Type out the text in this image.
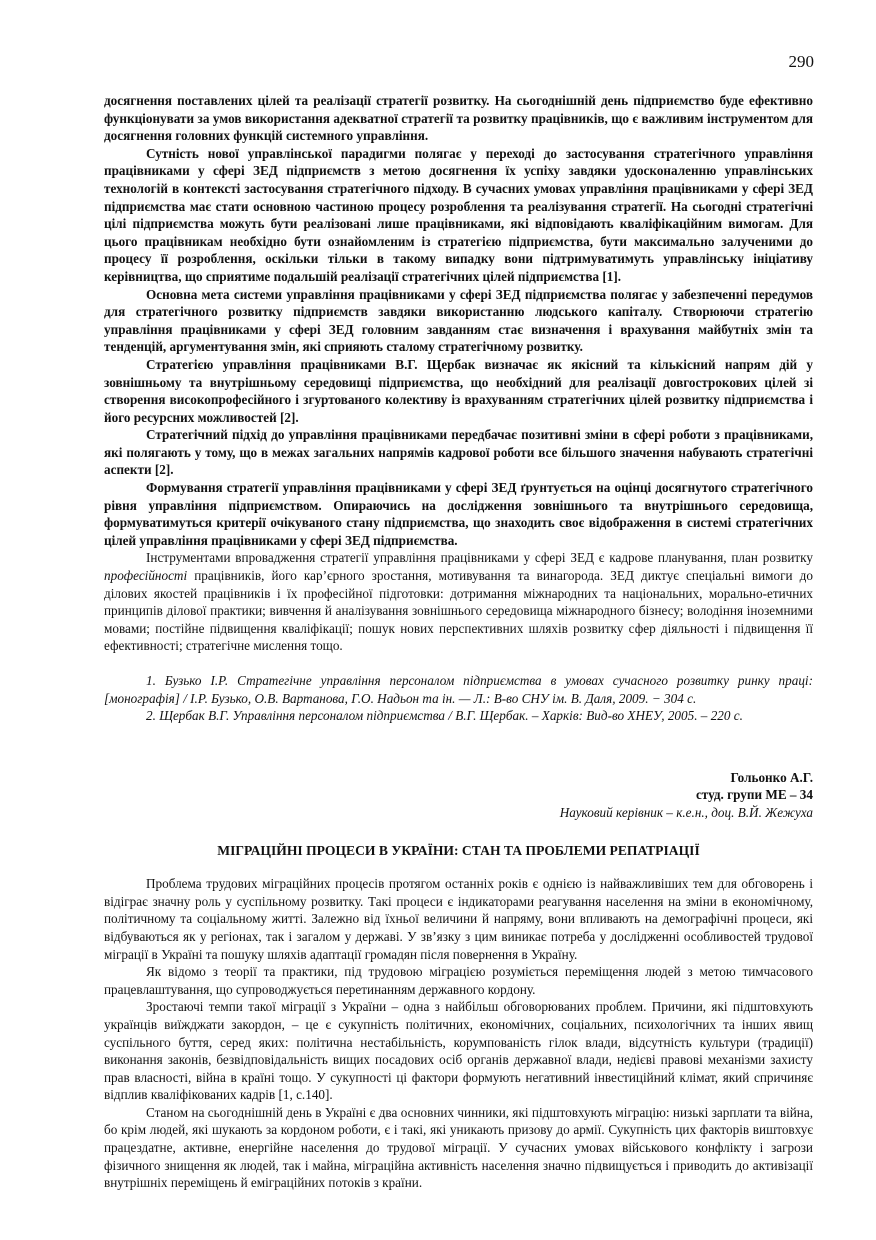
290

досягнення поставлених цілей та реалізації стратегії розвитку. На сьогоднішній день підприємство буде ефективно функціонувати за умов використання адекватної стратегії та розвитку працівників, що є важливим інструментом для досягнення головних функцій системного управління.

Сутність нової управлінської парадигми полягає у переході до застосування стратегічного управління працівниками у сфері ЗЕД підприємств з метою досягнення їх успіху завдяки удосконаленню управлінських технологій в контексті застосування стратегічного підходу. В сучасних умовах управління працівниками у сфері ЗЕД підприємства має стати основною частиною процесу розроблення та реалізування стратегії. На сьогодні стратегічні цілі підприємства можуть бути реалізовані лише працівниками, які відповідають кваліфікаційним вимогам. Для цього працівникам необхідно бути ознайомленим із стратегією підприємства, бути максимально залученими до процесу її розроблення, оскільки тільки в такому випадку вони підтримуватимуть управлінську ініціативу керівництва, що сприятиме подальшій реалізації стратегічних цілей підприємства [1].

Основна мета системи управління працівниками у сфері ЗЕД підприємства полягає у забезпеченні передумов для стратегічного розвитку підприємств завдяки використанню людського капіталу. Створюючи стратегію управління працівниками у сфері ЗЕД головним завданням стає визначення і врахування майбутніх змін та тенденцій, аргументування змін, які сприяють сталому стратегічному розвитку.

Стратегією управління працівниками В.Г. Щербак визначає як якісний та кількісний напрям дій у зовнішньому та внутрішньому середовищі підприємства, що необхідний для реалізації довгострокових цілей зі створення високопрофесійного і згуртованого колективу із врахуванням стратегічних цілей розвитку підприємства і його ресурсних можливостей [2].

Стратегічний підхід до управління працівниками передбачає позитивні зміни в сфері роботи з працівниками, які полягають у тому, що в межах загальних напрямів кадрової роботи все більшого значення набувають стратегічні аспекти [2].

Формування стратегії управління працівниками у сфері ЗЕД ґрунтується на оцінці досягнутого стратегічного рівня управління підприємством. Опираючись на дослідження зовнішнього та внутрішнього середовища, формуватимуться критерії очікуваного стану підприємства, що знаходить своє відображення в системі стратегічних цілей управління працівниками у сфері ЗЕД підприємства.

Інструментами впровадження стратегії управління працівниками у сфері ЗЕД є кадрове планування, план розвитку професійності працівників, його кар’єрного зростання, мотивування та винагорода. ЗЕД диктує спеціальні вимоги до ділових якостей працівників і їх професійної підготовки: дотримання міжнародних та національних, морально-етичних принципів ділової практики; вивчення й аналізування зовнішнього середовища міжнародного бізнесу; володіння іноземними мовами; постійне підвищення кваліфікації; пошук нових перспективних шляхів розвитку сфер діяльності і підвищення її ефективності; стратегічне мислення тощо.

1. Бузько І.Р. Стратегічне управління персоналом підприємства в умовах сучасного розвитку ринку праці: [монографія] / І.Р. Бузько, О.В. Вартанова, Г.О. Надьон та ін. — Л.: В-во СНУ ім. В. Даля, 2009. − 304 с.

2. Щербак В.Г. Управління персоналом підприємства / В.Г. Щербак. – Харків: Вид-во ХНЕУ, 2005. – 220 с.

Гольонко А.Г.
студ. групи МЕ – 34
Науковий керівник – к.е.н., доц. В.Й. Жежуха
МІГРАЦІЙНІ ПРОЦЕСИ В УКРАЇНИ: СТАН ТА ПРОБЛЕМИ РЕПАТРІАЦІЇ

Проблема трудових міграційних процесів протягом останніх років є однією із найважливіших тем для обговорень і відіграє значну роль у суспільному розвитку. Такі процеси є індикаторами реагування населення на зміни в економічному, політичному та соціальному житті. Залежно від їхньої величини й напряму, вони впливають на демографічні процеси, які відбуваються як у регіонах, так і загалом у державі. У зв’язку з цим виникає потреба у дослідженні особливостей трудової міграції в Україні та пошуку шляхів адаптації громадян після повернення в Україну.

Як відомо з теорії та практики, під трудовою міграцією розуміється переміщення людей з метою тимчасового працевлаштування, що супроводжується перетинанням державного кордону.

Зростаючі темпи такої міграції з України – одна з найбільш обговорюваних проблем. Причини, які підштовхують українців виїжджати закордон, – це є сукупність політичних, економічних, соціальних, психологічних та інших явищ суспільного буття, серед яких: політична нестабільність, корумпованість гілок влади, відсутність культури (традиції) виконання законів, безвідповідальність вищих посадових осіб органів державної влади, недієві правові механізми захисту прав власності, війна в країні тощо. У сукупності ці фактори формують негативний інвестиційний клімат, який спричиняє відплив кваліфікованих кадрів [1, с.140].

Станом на сьогоднішній день в Україні є два основних чинники, які підштовхують міграцію: низькі зарплати та війна, бо крім людей, які шукають за кордоном роботи, є і такі, які уникають призову до армії. Сукупність цих факторів виштовхує працездатне, активне, енергійне населення до трудової міграції. У сучасних умовах військового конфлікту і загрози фізичного знищення як людей, так і майна, міграційна активність населення значно підвищується і приводить до активізації внутрішніх переміщень й еміграційних потоків з країни.
